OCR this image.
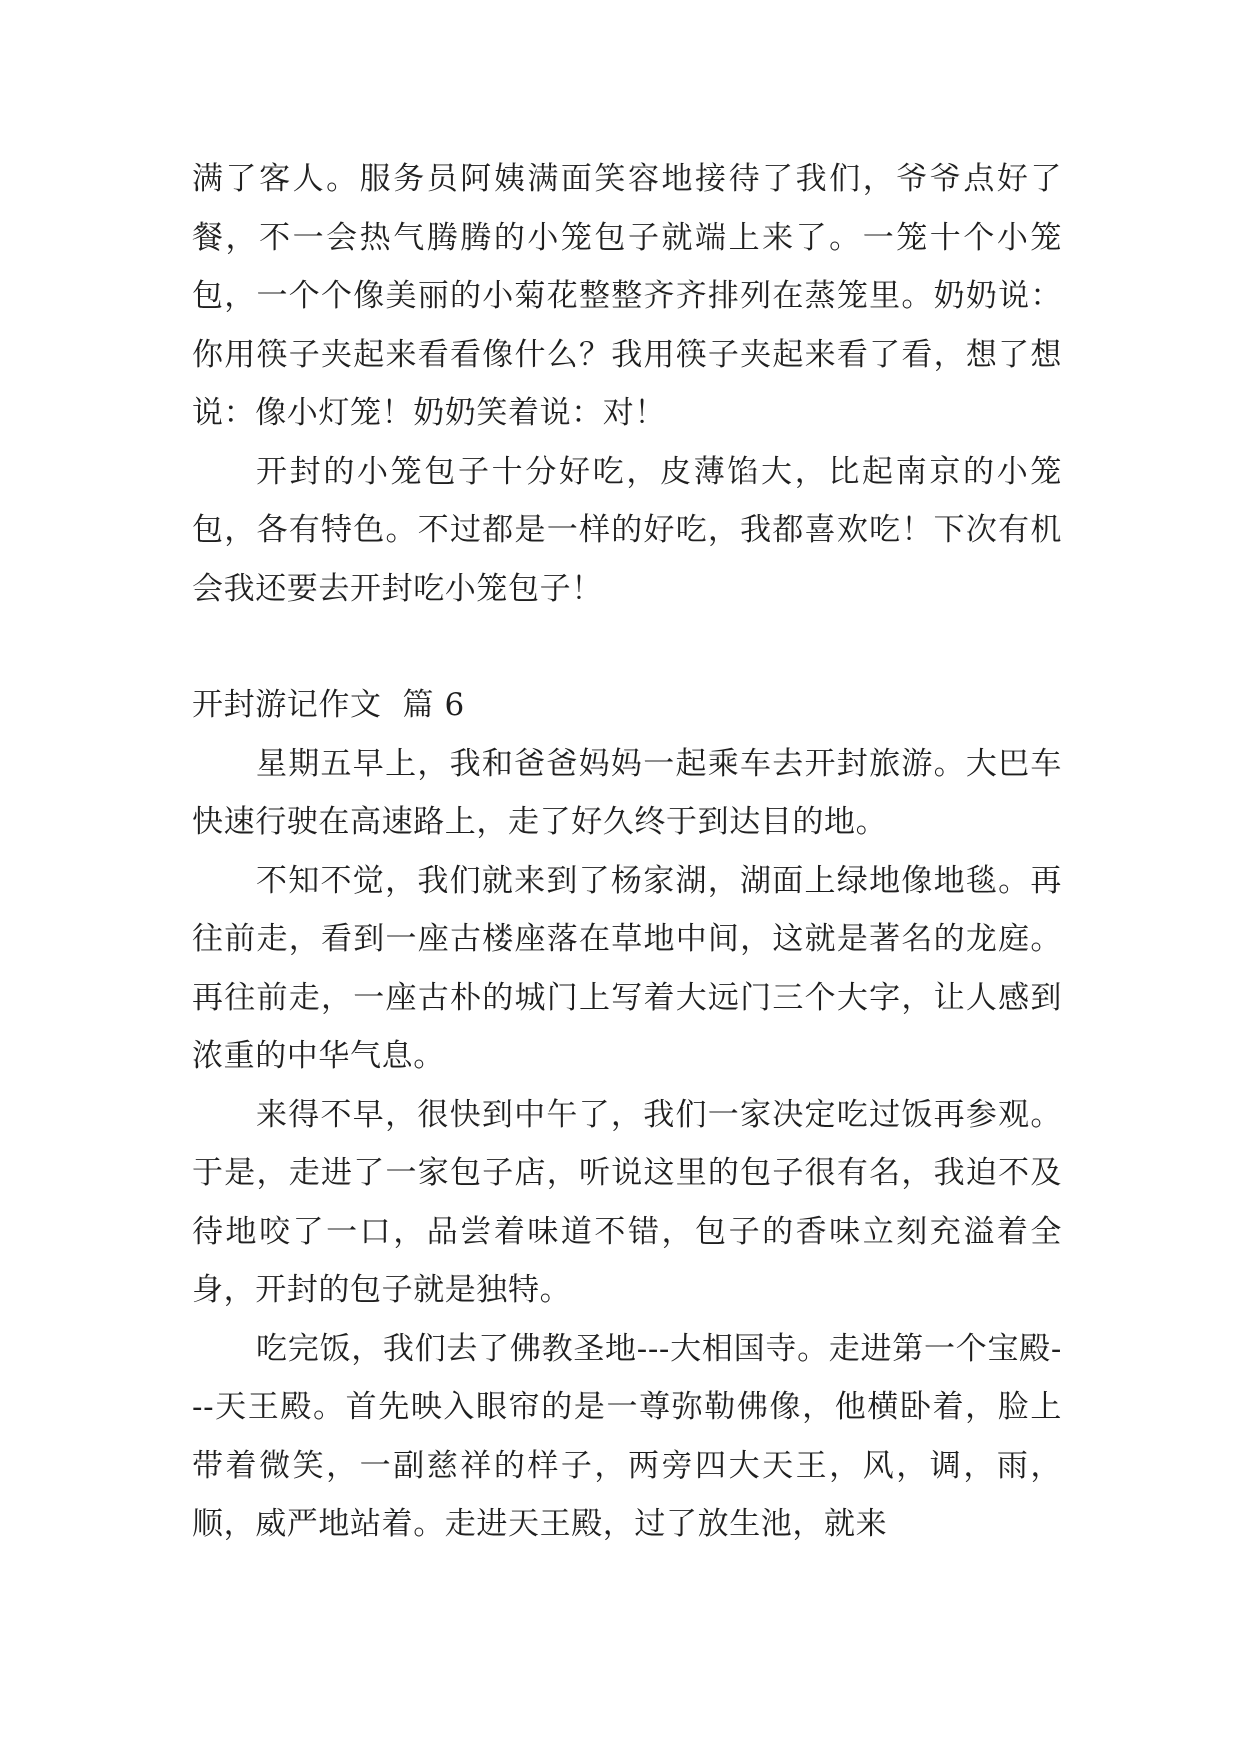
满了客人。服务员阿姨满面笑容地接待了我们，爷爷点好了餐，不一会热气腾腾的小笼包子就端上来了。一笼十个小笼包，一个个像美丽的小菊花整整齐齐排列在蒸笼里。奶奶说：你用筷子夹起来看看像什么？我用筷子夹起来看了看，想了想说：像小灯笼！奶奶笑着说：对！

开封的小笼包子十分好吃，皮薄馅大，比起南京的小笼包，各有特色。不过都是一样的好吃，我都喜欢吃！下次有机会我还要去开封吃小笼包子！

开封游记作文  篇 6

星期五早上，我和爸爸妈妈一起乘车去开封旅游。大巴车快速行驶在高速路上，走了好久终于到达目的地。

不知不觉，我们就来到了杨家湖，湖面上绿地像地毯。再往前走，看到一座古楼座落在草地中间，这就是著名的龙庭。再往前走，一座古朴的城门上写着大远门三个大字，让人感到浓重的中华气息。

来得不早，很快到中午了，我们一家决定吃过饭再参观。于是，走进了一家包子店，听说这里的包子很有名，我迫不及待地咬了一口，品尝着味道不错，包子的香味立刻充溢着全身，开封的包子就是独特。

吃完饭，我们去了佛教圣地---大相国寺。走进第一个宝殿---天王殿。首先映入眼帘的是一尊弥勒佛像，他横卧着，脸上带着微笑，一副慈祥的样子，两旁四大天王，风，调，雨，顺，威严地站着。走进天王殿，过了放生池，就来
